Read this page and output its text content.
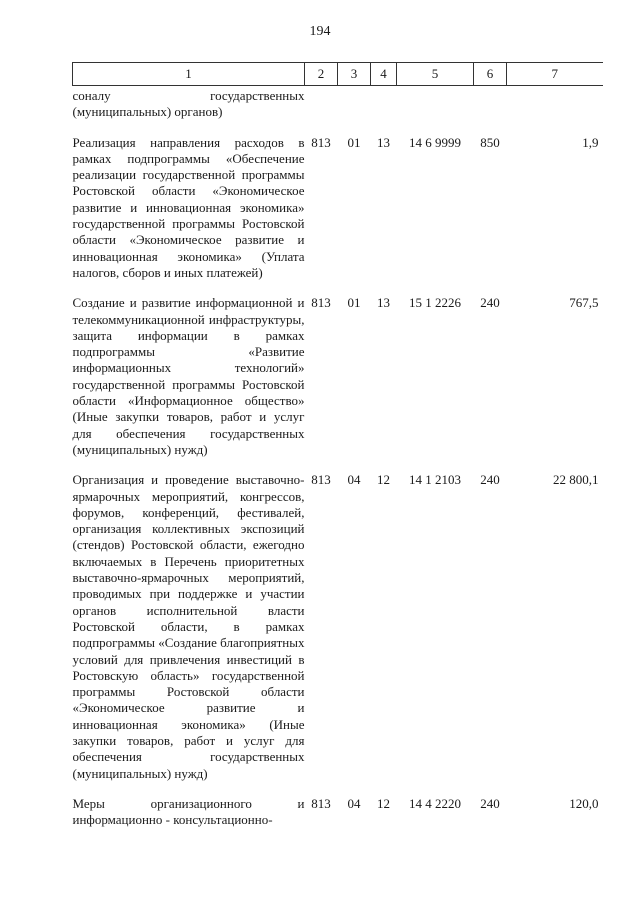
194
1	2	3	4	5	6	7
соналу государственных (муниципальных) органов)						

Реализация направления расходов в рамках подпрограммы «Обеспечение реализации государственной программы Ростовской области «Экономическое развитие и инновационная экономика» государственной программы Ростовской области «Экономическое развитие и инновационная экономика» (Уплата налогов, сборов и иных платежей)	813	01	13	14 6 9999	850	1,9

Создание и развитие информационной и телекоммуникационной инфраструктуры, защита информации в рамках подпрограммы «Развитие информационных технологий» государственной программы Ростовской области «Информационное общество» (Иные закупки товаров, работ и услуг для обеспечения государственных (муниципальных) нужд)	813	01	13	15 1 2226	240	767,5

Организация и проведение выставочно-ярмарочных мероприятий, конгрессов, форумов, конференций, фестивалей, организация коллективных экспозиций (стендов) Ростовской области, ежегодно включаемых в Перечень приоритетных выставочно-ярмарочных мероприятий, проводимых при поддержке и участии органов исполнительной власти Ростовской области, в рамках подпрограммы «Создание благоприятных условий для привлечения инвестиций в Ростовскую область» государственной программы Ростовской области «Экономическое развитие и инновационная экономика» (Иные закупки товаров, работ и услуг для обеспечения государственных (муниципальных) нужд)	813	04	12	14 1 2103	240	22 800,1

Меры организационного и информационно - консультационно-	813	04	12	14 4 2220	240	120,0
